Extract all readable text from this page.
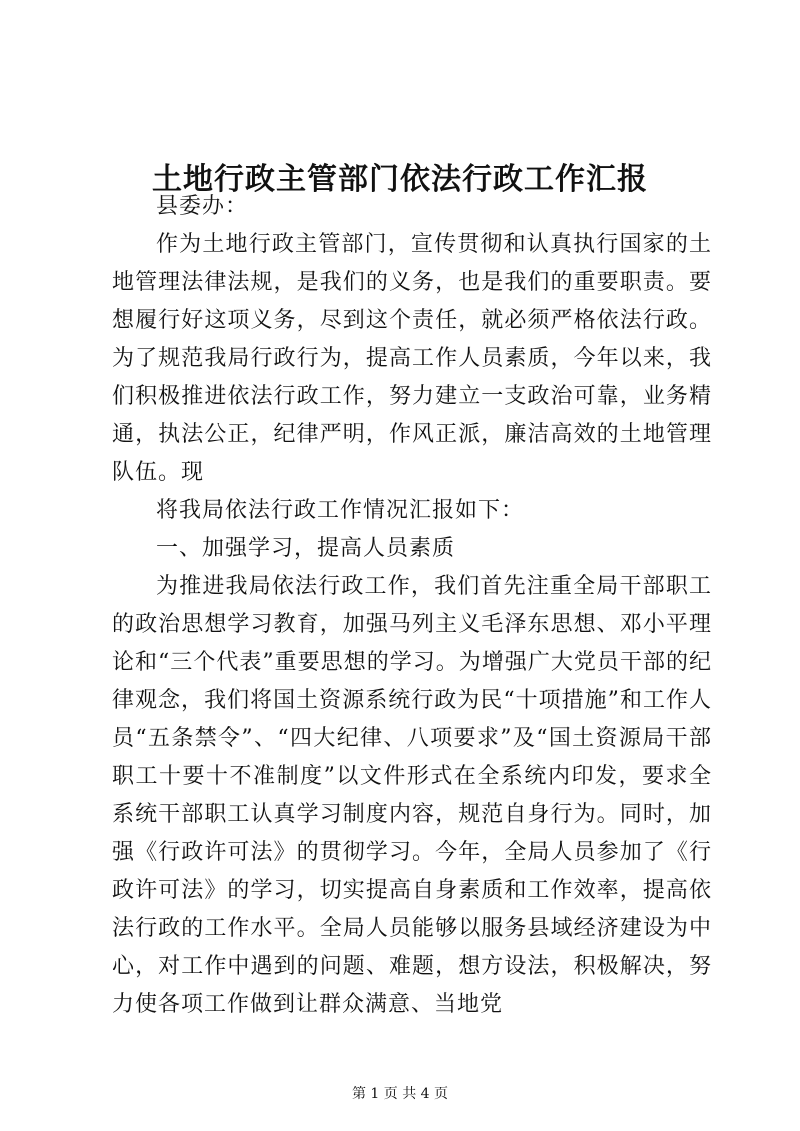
土地行政主管部门依法行政工作汇报

县委办：

作为土地行政主管部门，宣传贯彻和认真执行国家的土地管理法律法规，是我们的义务，也是我们的重要职责。要想履行好这项义务，尽到这个责任，就必须严格依法行政。为了规范我局行政行为，提高工作人员素质，今年以来，我们积极推进依法行政工作，努力建立一支政治可靠，业务精通，执法公正，纪律严明，作风正派，廉洁高效的土地管理队伍。现

将我局依法行政工作情况汇报如下：

一、加强学习，提高人员素质

为推进我局依法行政工作，我们首先注重全局干部职工的政治思想学习教育，加强马列主义毛泽东思想、邓小平理论和“三个代表”重要思想的学习。为增强广大党员干部的纪律观念，我们将国土资源系统行政为民“十项措施”和工作人员“五条禁令”、“四大纪律、八项要求”及“国土资源局干部职工十要十不准制度”以文件形式在全系统内印发，要求全系统干部职工认真学习制度内容，规范自身行为。同时，加强《行政许可法》的贯彻学习。今年，全局人员参加了《行政许可法》的学习，切实提高自身素质和工作效率，提高依法行政的工作水平。全局人员能够以服务县域经济建设为中心，对工作中遇到的问题、难题，想方设法，积极解决，努力使各项工作做到让群众满意、当地党

第 1 页 共 4 页
